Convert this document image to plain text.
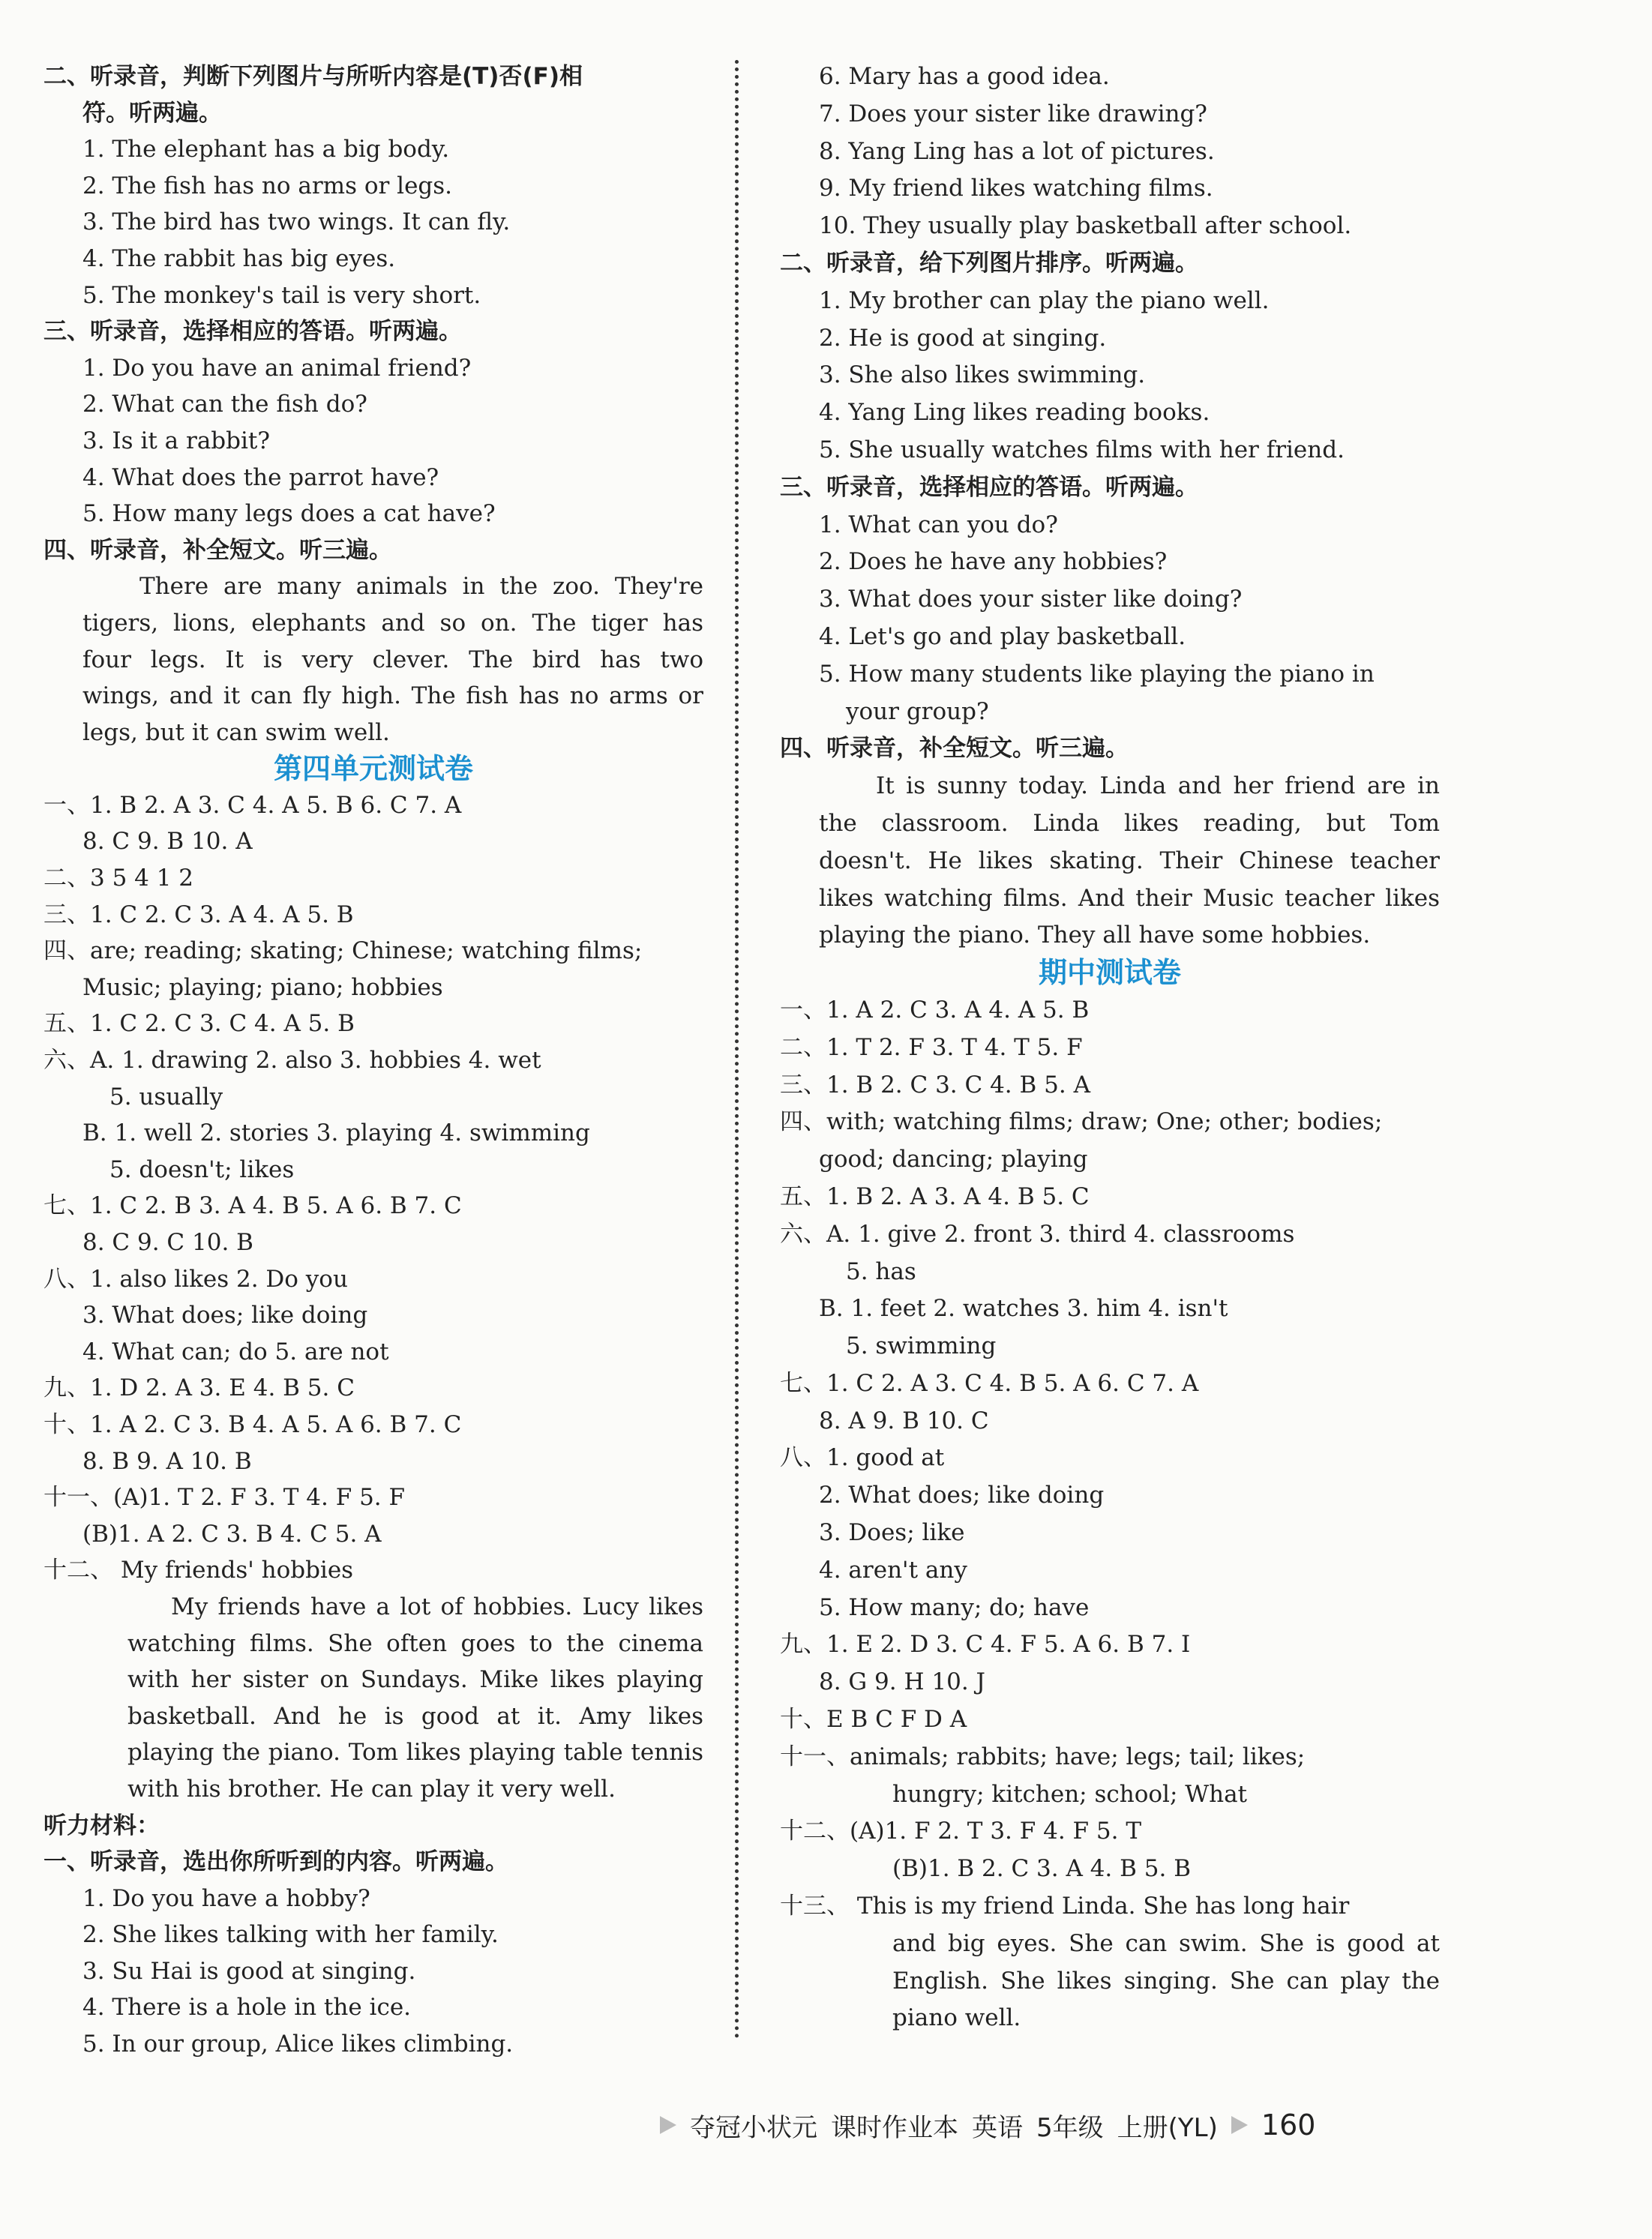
二、听录音，判断下列图片与所听内容是(T)否(F)相
符。听两遍。
1. The elephant has a big body.
2. The fish has no arms or legs.
3. The bird has two wings. It can fly.
4. The rabbit has big eyes.
5. The monkey's tail is very short.
三、听录音，选择相应的答语。听两遍。
1. Do you have an animal friend?
2. What can the fish do?
3. Is it a rabbit?
4. What does the parrot have?
5. How many legs does a cat have?
四、听录音，补全短文。听三遍。
There are many animals in the zoo. They're
tigers, lions, elephants and so on. The tiger has
four legs. It is very clever. The bird has two
wings, and it can fly high. The fish has no arms or
legs, but it can swim well.
第四单元测试卷
一、1. B 2. A 3. C 4. A 5. B 6. C 7. A
8. C 9. B 10. A
二、3 5 4 1 2
三、1. C 2. C 3. A 4. A 5. B
四、are; reading; skating; Chinese; watching films;
Music; playing; piano; hobbies
五、1. C 2. C 3. C 4. A 5. B
六、A. 1. drawing 2. also 3. hobbies 4. wet
5. usually
B. 1. well 2. stories 3. playing 4. swimming
5. doesn't; likes
七、1. C 2. B 3. A 4. B 5. A 6. B 7. C
8. C 9. C 10. B
八、1. also likes 2. Do you
3. What does; like doing
4. What can; do 5. are not
九、1. D 2. A 3. E 4. B 5. C
十、1. A 2. C 3. B 4. A 5. A 6. B 7. C
8. B 9. A 10. B
十一、(A)1. T 2. F 3. T 4. F 5. F
(B)1. A 2. C 3. B 4. C 5. A
十二、 My friends' hobbies
My friends have a lot of hobbies. Lucy likes
watching films. She often goes to the cinema
with her sister on Sundays. Mike likes playing
basketball. And he is good at it. Amy likes
playing the piano. Tom likes playing table tennis
with his brother. He can play it very well.
听力材料：
一、听录音，选出你所听到的内容。听两遍。
1. Do you have a hobby?
2. She likes talking with her family.
3. Su Hai is good at singing.
4. There is a hole in the ice.
5. In our group, Alice likes climbing.
6. Mary has a good idea.
7. Does your sister like drawing?
8. Yang Ling has a lot of pictures.
9. My friend likes watching films.
10. They usually play basketball after school.
二、听录音，给下列图片排序。听两遍。
1. My brother can play the piano well.
2. He is good at singing.
3. She also likes swimming.
4. Yang Ling likes reading books.
5. She usually watches films with her friend.
三、听录音，选择相应的答语。听两遍。
1. What can you do?
2. Does he have any hobbies?
3. What does your sister like doing?
4. Let's go and play basketball.
5. How many students like playing the piano in
your group?
四、听录音，补全短文。听三遍。
It is sunny today. Linda and her friend are in
the classroom. Linda likes reading, but Tom
doesn't. He likes skating. Their Chinese teacher
likes watching films. And their Music teacher likes
playing the piano. They all have some hobbies.
期中测试卷
一、1. A 2. C 3. A 4. A 5. B
二、1. T 2. F 3. T 4. T 5. F
三、1. B 2. C 3. C 4. B 5. A
四、with; watching films; draw; One; other; bodies;
good; dancing; playing
五、1. B 2. A 3. A 4. B 5. C
六、A. 1. give 2. front 3. third 4. classrooms
5. has
B. 1. feet 2. watches 3. him 4. isn't
5. swimming
七、1. C 2. A 3. C 4. B 5. A 6. C 7. A
8. A 9. B 10. C
八、1. good at
2. What does; like doing
3. Does; like
4. aren't any
5. How many; do; have
九、1. E 2. D 3. C 4. F 5. A 6. B 7. I
8. G 9. H 10. J
十、E B C F D A
十一、animals; rabbits; have; legs; tail; likes;
hungry; kitchen; school; What
十二、(A)1. F 2. T 3. F 4. F 5. T
(B)1. B 2. C 3. A 4. B 5. B
十三、 This is my friend Linda. She has long hair
and big eyes. She can swim. She is good at
English. She likes singing. She can play the
piano well.
夺冠小状元 课时作业本 英语 5年级 上册(YL) 160
